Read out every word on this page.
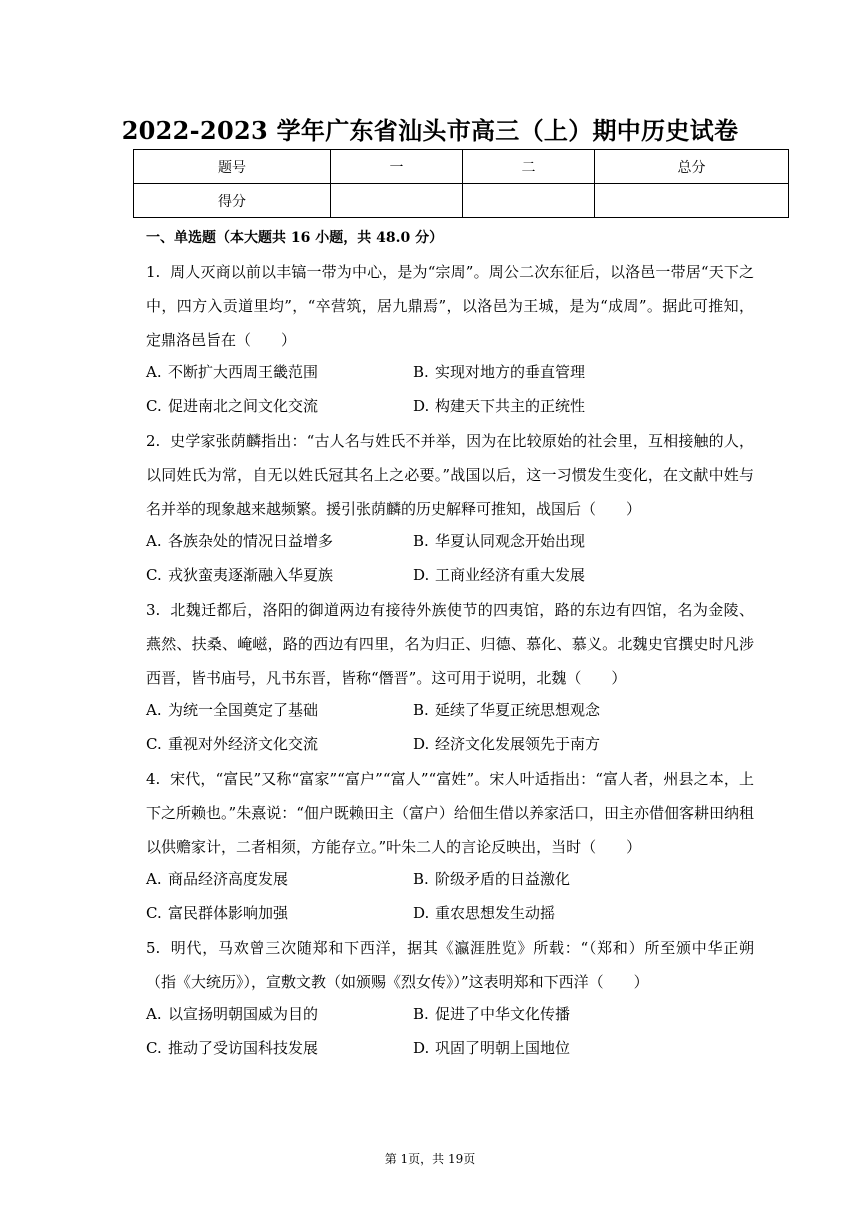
2022-2023 学年广东省汕头市高三（上）期中历史试卷
题号	一	二	总分
得分			
一、单选题（本大题共 16 小题，共 48.0 分）
1. 周人灭商以前以丰镐一带为中心，是为“宗周”。周公二次东征后，以洛邑一带居“天下之中，四方入贡道里均”，“卒营筑，居九鼎焉”，以洛邑为王城，是为“成周”。据此可推知，定鼎洛邑旨在（　　）
A. 不断扩大西周王畿范围	B. 实现对地方的垂直管理
C. 促进南北之间文化交流	D. 构建天下共主的正统性
2. 史学家张荫麟指出：“古人名与姓氏不并举，因为在比较原始的社会里，互相接触的人，以同姓氏为常，自无以姓氏冠其名上之必要。”战国以后，这一习惯发生变化，在文献中姓与名并举的现象越来越频繁。援引张荫麟的历史解释可推知，战国后（　　）
A. 各族杂处的情况日益增多	B. 华夏认同观念开始出现
C. 戎狄蛮夷逐渐融入华夏族	D. 工商业经济有重大发展
3. 北魏迁都后，洛阳的御道两边有接待外族使节的四夷馆，路的东边有四馆，名为金陵、燕然、扶桑、崦嵫，路的西边有四里，名为归正、归德、慕化、慕义。北魏史官撰史时凡涉西晋，皆书庙号，凡书东晋，皆称“僭晋”。这可用于说明，北魏（　　）
A. 为统一全国奠定了基础	B. 延续了华夏正统思想观念
C. 重视对外经济文化交流	D. 经济文化发展领先于南方
4. 宋代，“富民”又称“富家”“富户”“富人”“富姓”。宋人叶适指出：“富人者，州县之本，上下之所赖也。”朱熹说：“佃户既赖田主（富户）给佃生借以养家活口，田主亦借佃客耕田纳租以供赡家计，二者相须，方能存立。”叶朱二人的言论反映出，当时（　　）
A. 商品经济高度发展	B. 阶级矛盾的日益激化
C. 富民群体影响加强	D. 重农思想发生动摇
5. 明代，马欢曾三次随郑和下西洋，据其《瀛涯胜览》所载：“（郑和）所至颁中华正朔（指《大统历》），宣敷文教（如颁赐《烈女传》）”这表明郑和下西洋（　　）
A. 以宣扬明朝国威为目的	B. 促进了中华文化传播
C. 推动了受访国科技发展	D. 巩固了明朝上国地位
第 1页，共 19页
